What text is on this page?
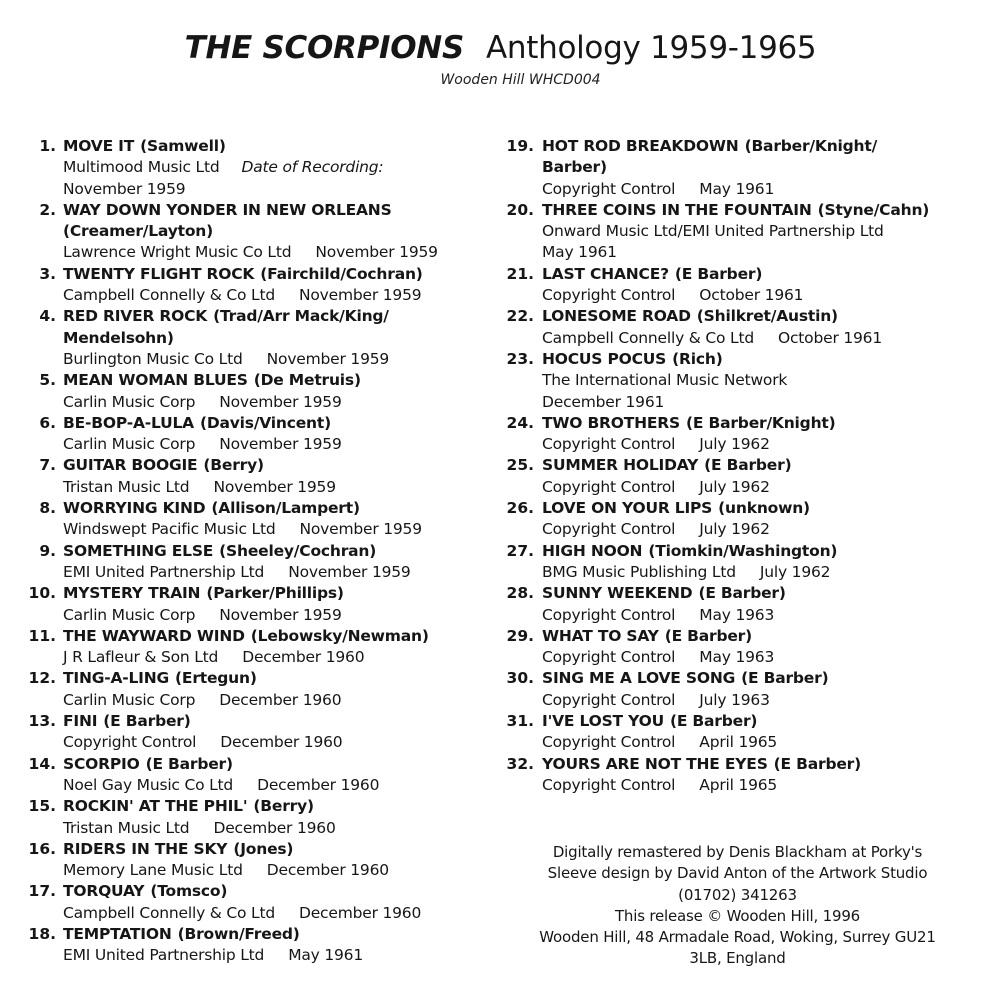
THE SCORPIONS Anthology 1959-1965
Wooden Hill WHCD004
1. MOVE IT (Samwell)
Multimood Music Ltd Date of Recording:
November 1959
2. WAY DOWN YONDER IN NEW ORLEANS
(Creamer/Layton)
Lawrence Wright Music Co Ltd November 1959
3. TWENTY FLIGHT ROCK (Fairchild/Cochran)
Campbell Connelly & Co Ltd November 1959
4. RED RIVER ROCK (Trad/Arr Mack/King/
Mendelsohn)
Burlington Music Co Ltd November 1959
5. MEAN WOMAN BLUES (De Metruis)
Carlin Music Corp November 1959
6. BE-BOP-A-LULA (Davis/Vincent)
Carlin Music Corp November 1959
7. GUITAR BOOGIE (Berry)
Tristan Music Ltd November 1959
8. WORRYING KIND (Allison/Lampert)
Windswept Pacific Music Ltd November 1959
9. SOMETHING ELSE (Sheeley/Cochran)
EMI United Partnership Ltd November 1959
10. MYSTERY TRAIN (Parker/Phillips)
Carlin Music Corp November 1959
11. THE WAYWARD WIND (Lebowsky/Newman)
J R Lafleur & Son Ltd December 1960
12. TING-A-LING (Ertegun)
Carlin Music Corp December 1960
13. FINI (E Barber)
Copyright Control December 1960
14. SCORPIO (E Barber)
Noel Gay Music Co Ltd December 1960
15. ROCKIN' AT THE PHIL' (Berry)
Tristan Music Ltd December 1960
16. RIDERS IN THE SKY (Jones)
Memory Lane Music Ltd December 1960
17. TORQUAY (Tomsco)
Campbell Connelly & Co Ltd December 1960
18. TEMPTATION (Brown/Freed)
EMI United Partnership Ltd May 1961
19. HOT ROD BREAKDOWN (Barber/Knight/
Barber)
Copyright Control May 1961
20. THREE COINS IN THE FOUNTAIN (Styne/Cahn)
Onward Music Ltd/EMI United Partnership Ltd
May 1961
21. LAST CHANCE? (E Barber)
Copyright Control October 1961
22. LONESOME ROAD (Shilkret/Austin)
Campbell Connelly & Co Ltd October 1961
23. HOCUS POCUS (Rich)
The International Music Network
December 1961
24. TWO BROTHERS (E Barber/Knight)
Copyright Control July 1962
25. SUMMER HOLIDAY (E Barber)
Copyright Control July 1962
26. LOVE ON YOUR LIPS (unknown)
Copyright Control July 1962
27. HIGH NOON (Tiomkin/Washington)
BMG Music Publishing Ltd July 1962
28. SUNNY WEEKEND (E Barber)
Copyright Control May 1963
29. WHAT TO SAY (E Barber)
Copyright Control May 1963
30. SING ME A LOVE SONG (E Barber)
Copyright Control July 1963
31. I'VE LOST YOU (E Barber)
Copyright Control April 1965
32. YOURS ARE NOT THE EYES (E Barber)
Copyright Control April 1965
Digitally remastered by Denis Blackham at Porky's
Sleeve design by David Anton of the Artwork Studio
(01702) 341263
This release © Wooden Hill, 1996
Wooden Hill, 48 Armadale Road, Woking, Surrey GU21
3LB, England
